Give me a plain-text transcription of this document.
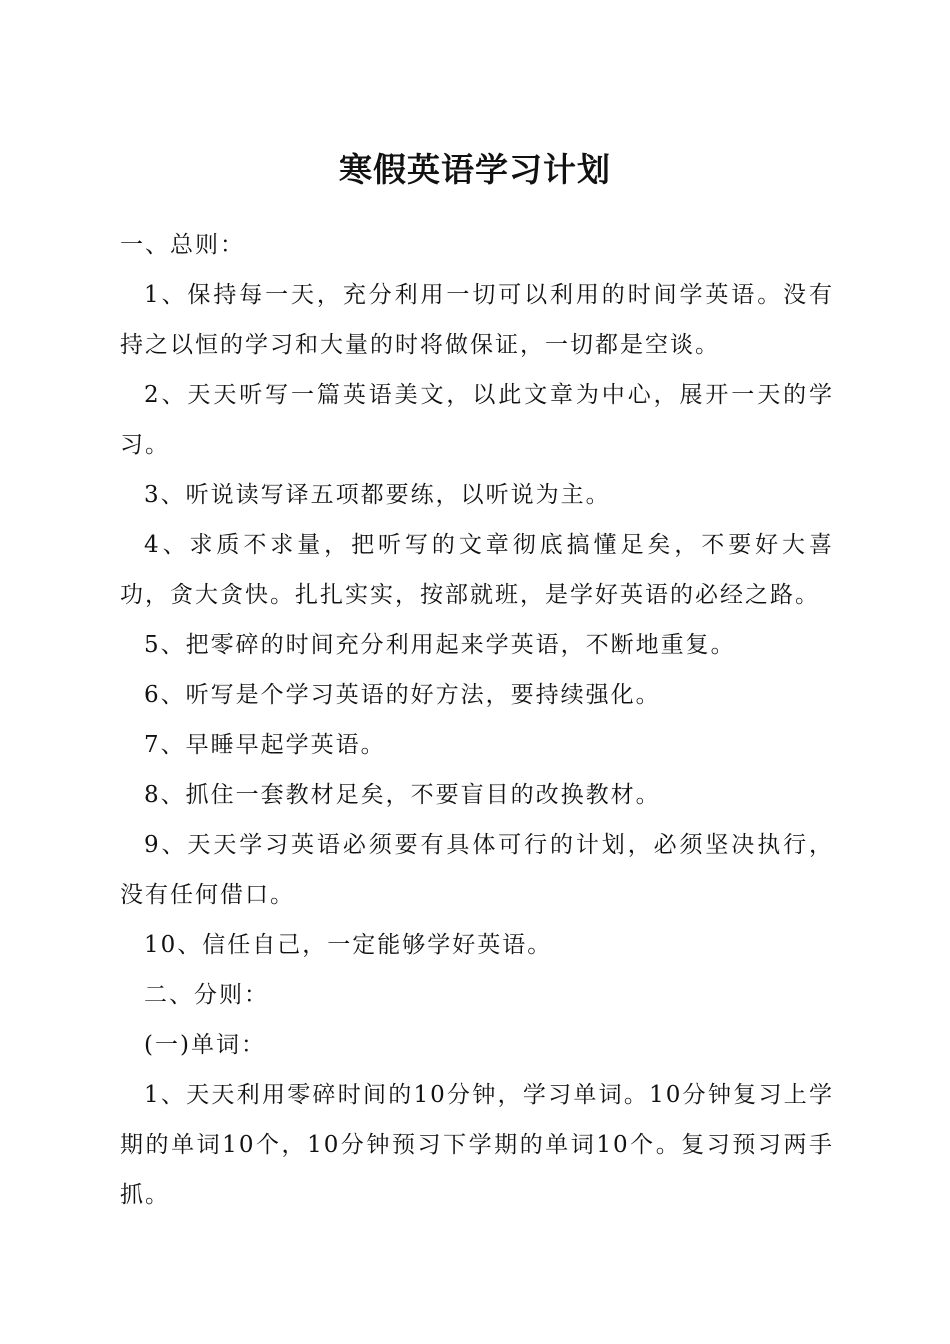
寒假英语学习计划

一、总则：

1、保持每一天，充分利用一切可以利用的时间学英语。没有持之以恒的学习和大量的时将做保证，一切都是空谈。

2、天天听写一篇英语美文，以此文章为中心，展开一天的学习。

3、听说读写译五项都要练，以听说为主。

4、求质不求量，把听写的文章彻底搞懂足矣，不要好大喜功，贪大贪快。扎扎实实，按部就班，是学好英语的必经之路。

5、把零碎的时间充分利用起来学英语，不断地重复。

6、听写是个学习英语的好方法，要持续强化。

7、早睡早起学英语。

8、抓住一套教材足矣，不要盲目的改换教材。

9、天天学习英语必须要有具体可行的计划，必须坚决执行，没有任何借口。

10、信任自己，一定能够学好英语。

二、分则：

(一)单词：

1、天天利用零碎时间的10分钟，学习单词。10分钟复习上学期的单词10个，10分钟预习下学期的单词10个。复习预习两手抓。
